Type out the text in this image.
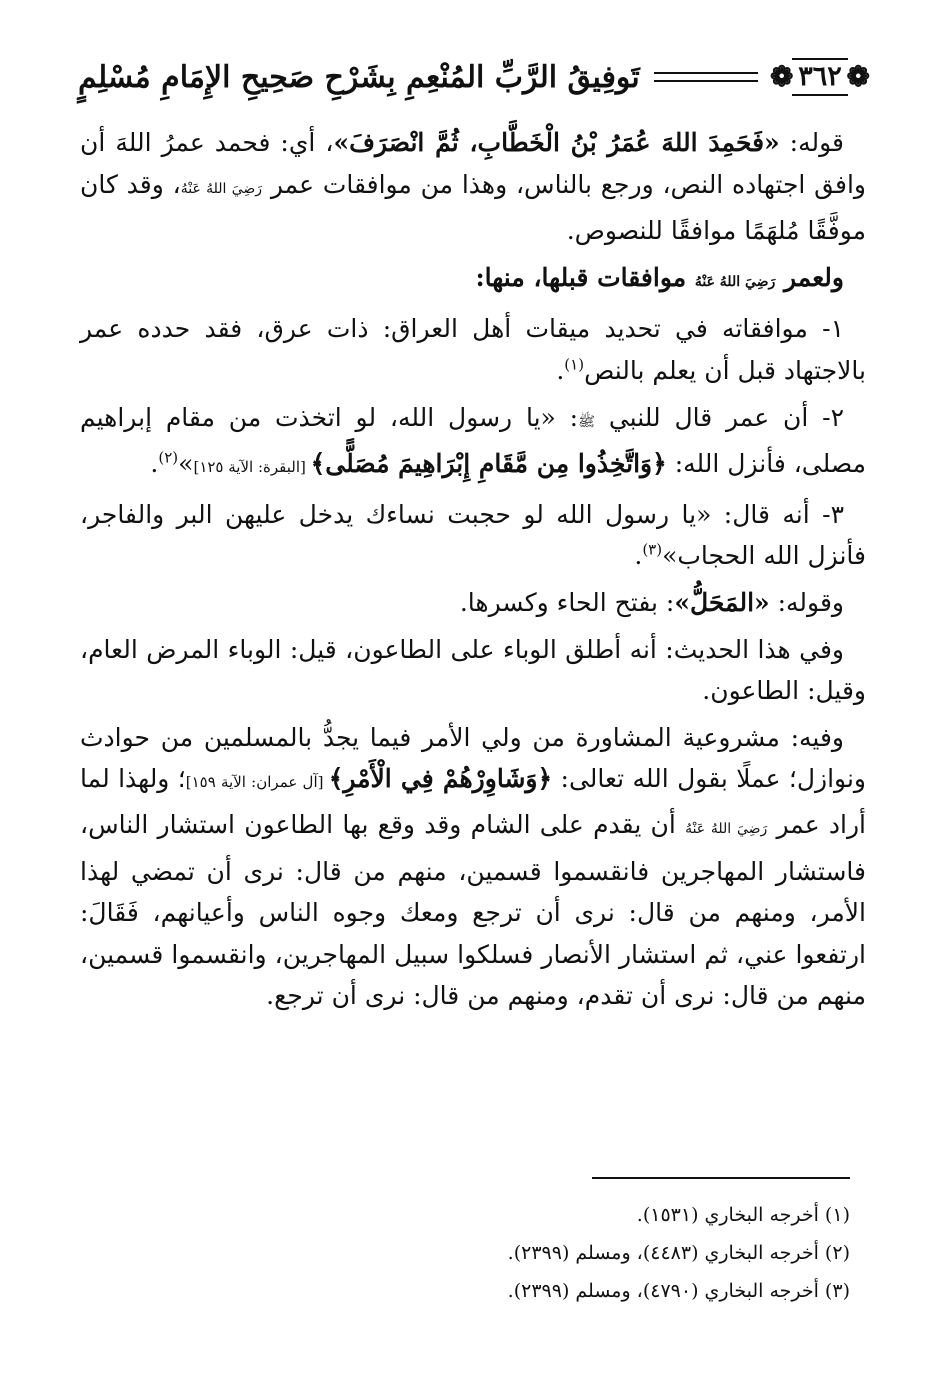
❁
٣٦٢
❁
تَوفِيقُ الرَّبِّ المُنْعِمِ بِشَرْحِ صَحِيحِ الإِمَامِ مُسْلِمٍ

قوله: «فَحَمِدَ اللهَ عُمَرُ بْنُ الْخَطَّابِ، ثُمَّ انْصَرَفَ»، أي: فحمد عمرُ اللهَ أن وافق اجتهاده النص، ورجع بالناس، وهذا من موافقات عمر رَضِيَ اللهُ عَنْهُ، وقد كان موفَّقًا مُلهَمًا موافقًا للنصوص.

ولعمر رَضِيَ اللهُ عَنْهُ موافقات قبلها، منها:

١- موافقاته في تحديد ميقات أهل العراق: ذات عرق، فقد حدده عمر بالاجتهاد قبل أن يعلم بالنص$^{(١)}$.

٢- أن عمر قال للنبي ﷺ: «يا رسول الله، لو اتخذت من مقام إبراهيم مصلى، فأنزل الله: ﴿وَاتَّخِذُوا مِن مَّقَامِ إِبْرَاهِيمَ مُصَلًّى﴾ [البقرة: الآية ١٢٥]»$^{(٢)}$.

٣- أنه قال: «يا رسول الله لو حجبت نساءك يدخل عليهن البر والفاجر، فأنزل الله الحجاب»$^{(٣)}$.

وقوله: «المَحَلُّ»: بفتح الحاء وكسرها.

وفي هذا الحديث: أنه أطلق الوباء على الطاعون، قيل: الوباء المرض العام، وقيل: الطاعون.

وفيه: مشروعية المشاورة من ولي الأمر فيما يجدُّ بالمسلمين من حوادث ونوازل؛ عملًا بقول الله تعالى: ﴿وَشَاوِرْهُمْ فِي الْأَمْرِ﴾ [آل عمران: الآية ١٥٩]؛ ولهذا لما أراد عمر رَضِيَ اللهُ عَنْهُ أن يقدم على الشام وقد وقع بها الطاعون استشار الناس، فاستشار المهاجرين فانقسموا قسمين، منهم من قال: نرى أن تمضي لهذا الأمر، ومنهم من قال: نرى أن ترجع ومعك وجوه الناس وأعيانهم، فَقَالَ: ارتفعوا عني، ثم استشار الأنصار فسلكوا سبيل المهاجرين، وانقسموا قسمين، منهم من قال: نرى أن تقدم، ومنهم من قال: نرى أن ترجع.

(١) أخرجه البخاري (١٥٣١).

(٢) أخرجه البخاري (٤٤٨٣)، ومسلم (٢٣٩٩).

(٣) أخرجه البخاري (٤٧٩٠)، ومسلم (٢٣٩٩).
